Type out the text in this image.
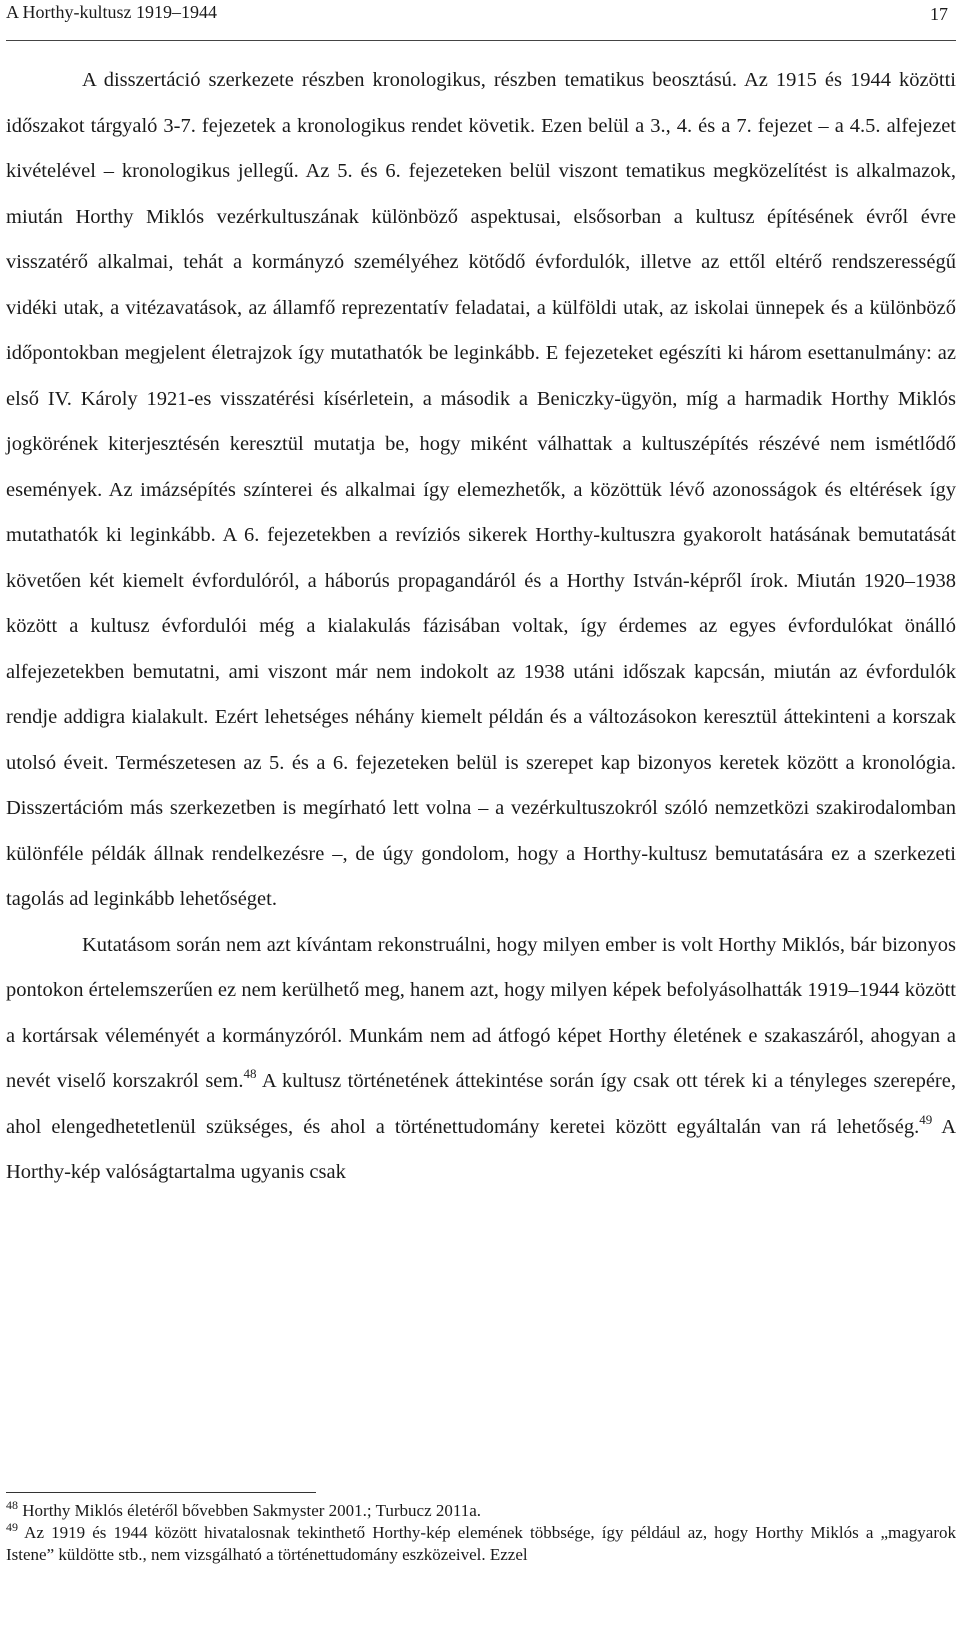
A Horthy-kultusz 1919–1944	17

A disszertáció szerkezete részben kronologikus, részben tematikus beosztású. Az 1915 és 1944 közötti időszakot tárgyaló 3-7. fejezetek a kronologikus rendet követik. Ezen belül a 3., 4. és a 7. fejezet – a 4.5. alfejezet kivételével – kronologikus jellegű. Az 5. és 6. fejezeteken belül viszont tematikus megközelítést is alkalmazok, miután Horthy Miklós vezérkultuszának különböző aspektusai, elsősorban a kultusz építésének évről évre visszatérő alkalmai, tehát a kormányzó személyéhez kötődő évfordulók, illetve az ettől eltérő rendszerességű vidéki utak, a vitézavatások, az államfő reprezentatív feladatai, a külföldi utak, az iskolai ünnepek és a különböző időpontokban megjelent életrajzok így mutathatók be leginkább. E fejezeteket egészíti ki három esettanulmány: az első IV. Károly 1921-es visszatérési kísérletein, a második a Beniczky-ügyön, míg a harmadik Horthy Miklós jogkörének kiterjesztésén keresztül mutatja be, hogy miként válhattak a kultuszépítés részévé nem ismétlődő események. Az imázsépítés színterei és alkalmai így elemezhetők, a közöttük lévő azonosságok és eltérések így mutathatók ki leginkább. A 6. fejezetekben a revíziós sikerek Horthy-kultuszra gyakorolt hatásának bemutatását követően két kiemelt évfordulóról, a háborús propagandáról és a Horthy István-képről írok. Miután 1920–1938 között a kultusz évfordulói még a kialakulás fázisában voltak, így érdemes az egyes évfordulókat önálló alfejezetekben bemutatni, ami viszont már nem indokolt az 1938 utáni időszak kapcsán, miután az évfordulók rendje addigra kialakult. Ezért lehetséges néhány kiemelt példán és a változásokon keresztül áttekinteni a korszak utolsó éveit. Természetesen az 5. és a 6. fejezeteken belül is szerepet kap bizonyos keretek között a kronológia. Disszertációm más szerkezetben is megírható lett volna – a vezérkultuszokról szóló nemzetközi szakirodalomban különféle példák állnak rendelkezésre –, de úgy gondolom, hogy a Horthy-kultusz bemutatására ez a szerkezeti tagolás ad leginkább lehetőséget.

Kutatásom során nem azt kívántam rekonstruálni, hogy milyen ember is volt Horthy Miklós, bár bizonyos pontokon értelemszerűen ez nem kerülhető meg, hanem azt, hogy milyen képek befolyásolhatták 1919–1944 között a kortársak véleményét a kormányzóról. Munkám nem ad átfogó képet Horthy életének e szakaszáról, ahogyan a nevét viselő korszakról sem.$^{48}$ A kultusz történetének áttekintése során így csak ott térek ki a tényleges szerepére, ahol elengedhetetlenül szükséges, és ahol a történettudomány keretei között egyáltalán van rá lehetőség.$^{49}$ A Horthy-kép valóságtartalma ugyanis csak

$^{48}$ Horthy Miklós életéről bővebben Sakmyster 2001.; Turbucz 2011a.

$^{49}$ Az 1919 és 1944 között hivatalosnak tekinthető Horthy-kép elemének többsége, így például az, hogy Horthy Miklós a „magyarok Istene” küldötte stb., nem vizsgálható a történettudomány eszközeivel. Ezzel
